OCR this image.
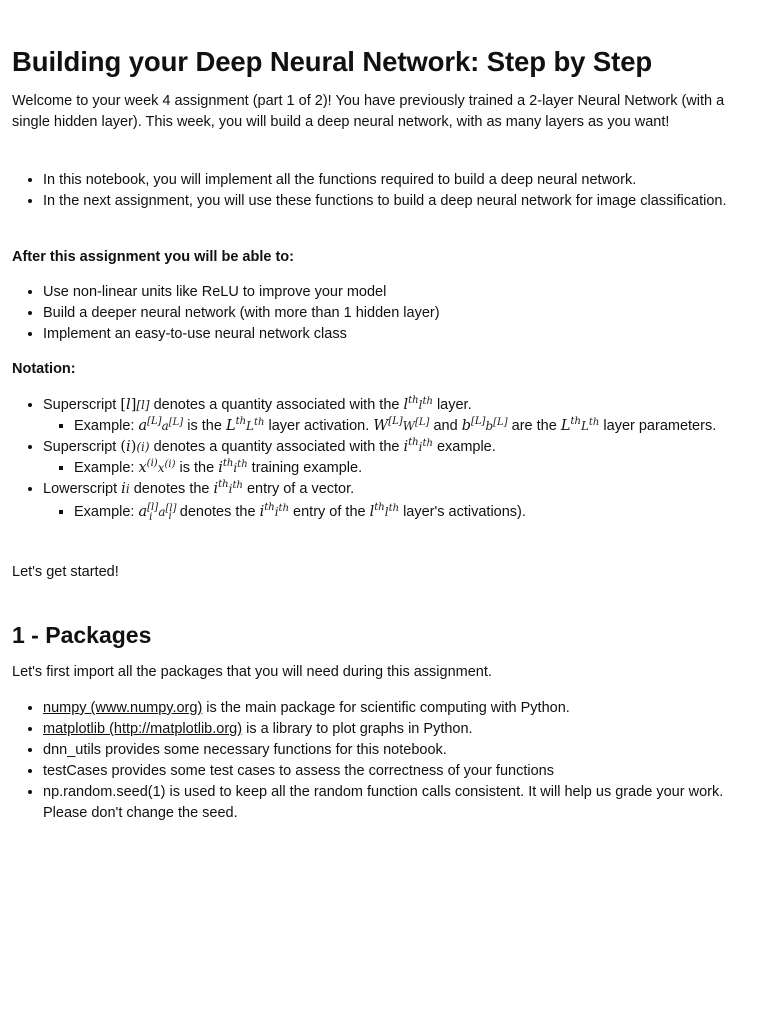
Building your Deep Neural Network: Step by Step

Welcome to your week 4 assignment (part 1 of 2)! You have previously trained a 2-layer Neural Network (with a single hidden layer). This week, you will build a deep neural network, with as many layers as you want!

• In this notebook, you will implement all the functions required to build a deep neural network.
• In the next assignment, you will use these functions to build a deep neural network for image classification.

After this assignment you will be able to:

• Use non-linear units like ReLU to improve your model
• Build a deeper neural network (with more than 1 hidden layer)
• Implement an easy-to-use neural network class

Notation:

• Superscript [l][l] denotes a quantity associated with the $l^{th}l^{th}$ layer.
▪ Example: a[L]a[L] is the LthLth layer activation. W[L]W[L] and b[L]b[L] are the LthLth layer parameters.
• Superscript (i)(i) denotes a quantity associated with the $i^{th}i^{th}$ example.
▪ Example: $x^{(i)}x^{(i)}$ is the $i^{th}i^{th}$ training example.
• Lowerscript ii denotes the $i^{th}i^{th}$ entry of a vector.
▪ Example: $a[l]_i$ $a[l]_i$ denotes the $i^{th}i^{th}$ entry of the $l^{th}l^{th}$ layer's activations).

Let's get started!

1 - Packages

Let's first import all the packages that you will need during this assignment.

• numpy (www.numpy.org) is the main package for scientific computing with Python.
• matplotlib (http://matplotlib.org) is a library to plot graphs in Python.
• dnn_utils provides some necessary functions for this notebook.
• testCases provides some test cases to assess the correctness of your functions
• np.random.seed(1) is used to keep all the random function calls consistent. It will help us grade your work. Please don't change the seed.
